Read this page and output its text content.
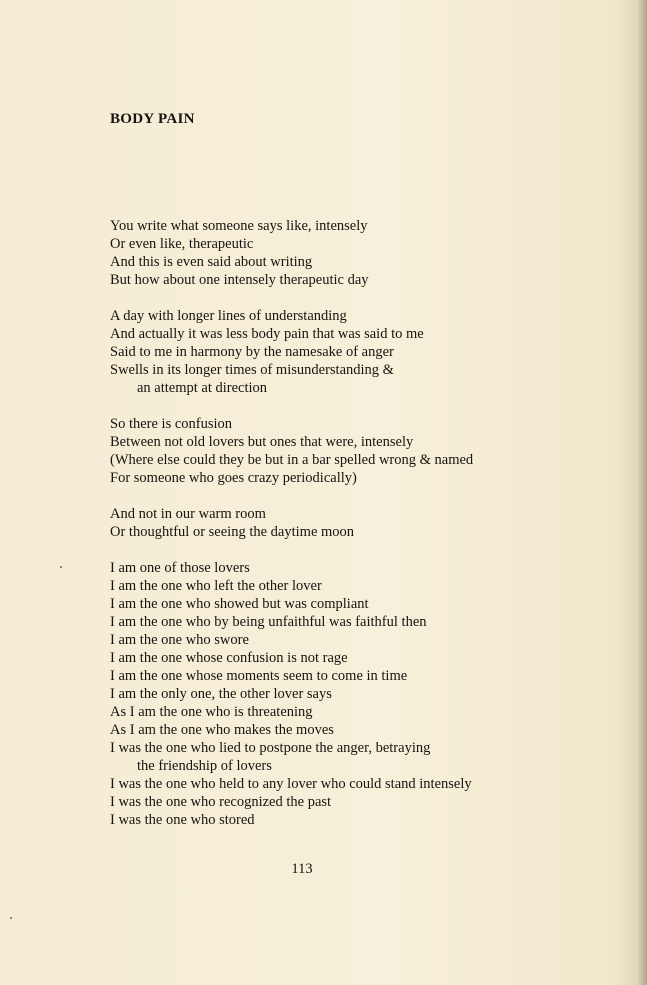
BODY PAIN
You write what someone says like, intensely
Or even like, therapeutic
And this is even said about writing
But how about one intensely therapeutic day
A day with longer lines of understanding
And actually it was less body pain that was said to me
Said to me in harmony by the namesake of anger
Swells in its longer times of misunderstanding &
an attempt at direction
So there is confusion
Between not old lovers but ones that were, intensely
(Where else could they be but in a bar spelled wrong & named
For someone who goes crazy periodically)
And not in our warm room
Or thoughtful or seeing the daytime moon
I am one of those lovers
I am the one who left the other lover
I am the one who showed but was compliant
I am the one who by being unfaithful was faithful then
I am the one who swore
I am the one whose confusion is not rage
I am the one whose moments seem to come in time
I am the only one, the other lover says
As I am the one who is threatening
As I am the one who makes the moves
I was the one who lied to postpone the anger, betraying
the friendship of lovers
I was the one who held to any lover who could stand intensely
I was the one who recognized the past
I was the one who stored
113
